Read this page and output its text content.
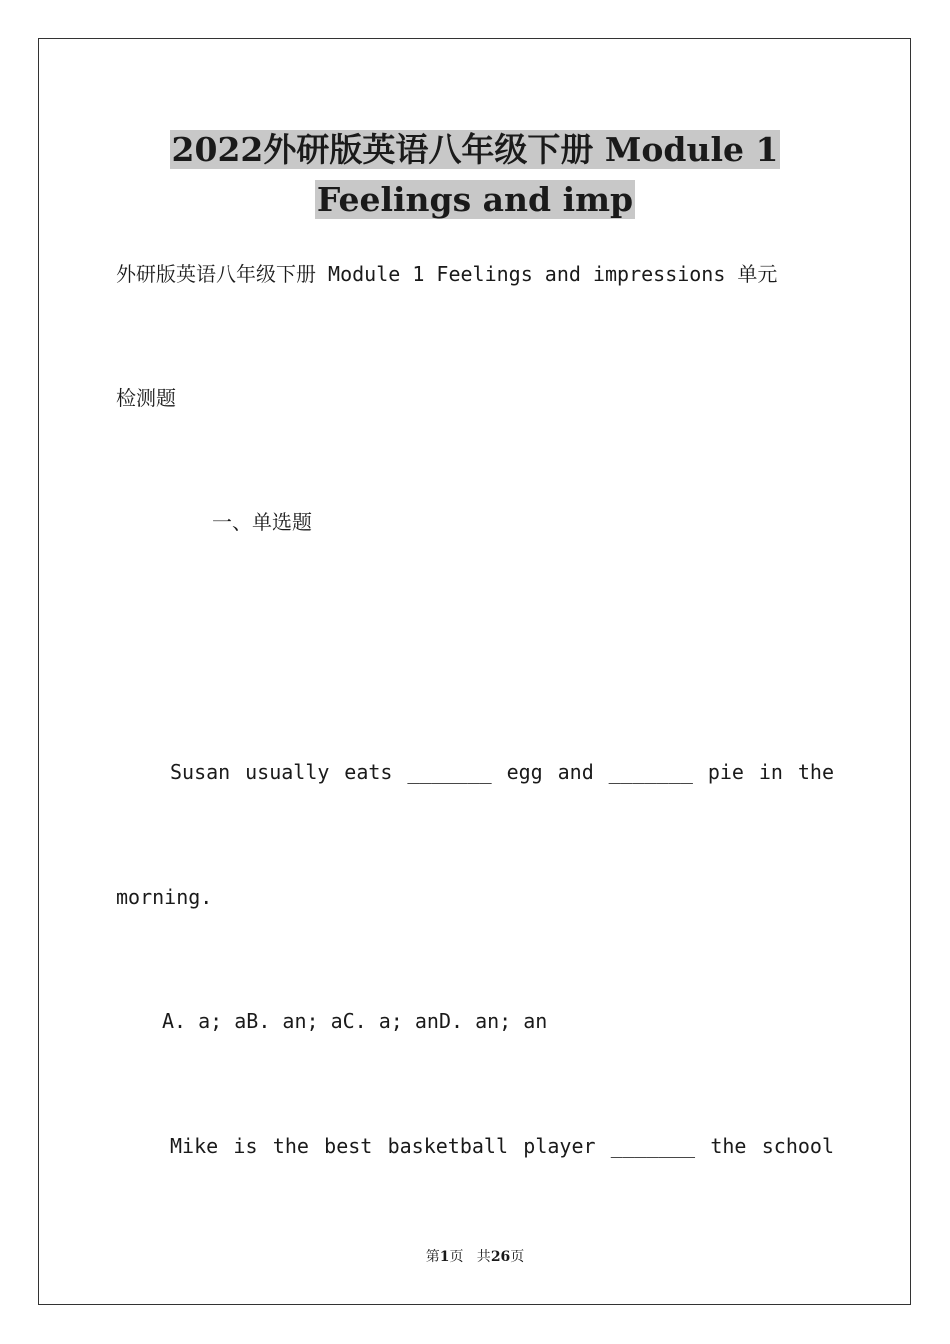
2022外研版英语八年级下册 Module 1
Feelings and imp
外研版英语八年级下册 Module 1 Feelings and impressions 单元
检测题
一、单选题
Susan usually eats _______ egg and _______ pie in the
morning.
A. a; aB. an; aC. a; anD. an; an
Mike is the best basketball player _______ the school
第1页   共26页
